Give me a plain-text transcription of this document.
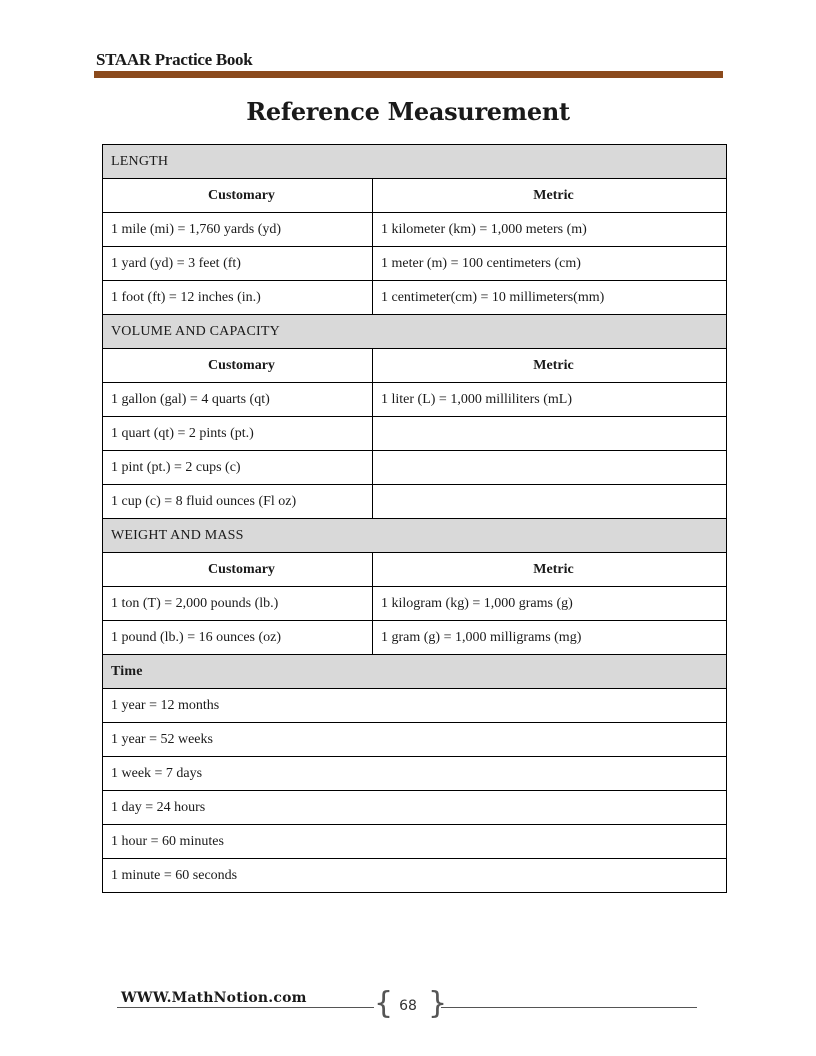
STAAR Practice Book
Reference Measurement
LENGTH	
Customary	Metric
1 mile (mi) = 1,760 yards (yd)	1 kilometer (km) = 1,000 meters (m)
1 yard (yd) = 3 feet (ft)	1 meter (m) = 100 centimeters (cm)
1 foot (ft) = 12 inches (in.)	1 centimeter(cm) = 10 millimeters(mm)
VOLUME AND CAPACITY	
Customary	Metric
1 gallon (gal) = 4 quarts (qt)	1 liter (L) = 1,000 milliliters (mL)
1 quart (qt) = 2 pints (pt.)	
1 pint (pt.) = 2 cups (c)	
1 cup (c) = 8 fluid ounces (Fl oz)	
WEIGHT AND MASS	
Customary	Metric
1 ton (T) = 2,000 pounds (lb.)	1 kilogram (kg) = 1,000 grams (g)
1 pound (lb.) = 16 ounces (oz)	1 gram (g) = 1,000 milligrams (mg)
Time	
1 year = 12 months	
1 year = 52 weeks	
1 week = 7 days	
1 day = 24 hours	
1 hour = 60 minutes	
1 minute = 60 seconds	
WWW.MathNotion.com { }
68
